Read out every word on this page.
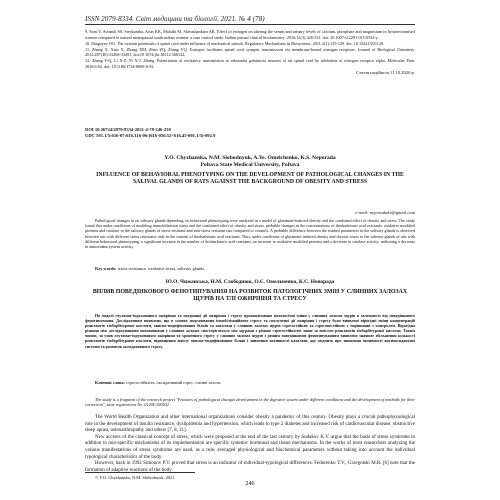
ISSN 2079-8334. Світ медицини та біології. 2021. № 4 (78)

9. Som Y, Avinash SS, Sreekantha, Arun KK, Malathi M, Shivashankara AR. Effect of estrogen on altering the serum and urinary levels of calcium, phosphate and magnesium in hysterectomised women compared to natural menopausal south indian women: a case control study. Indian journal clinical biochemistry. 2016;31(3):326-331. doi: 10.1007/s12291-015-0532-y.

10. Shagoyev OO. The ovarian potentials of spinal cord under influence of mechanical stimuli. Regulatory Mechanisms in Biosystems. 2011;2(1):125-129. doi: 10.15421/021120.

11. Zhang X, Xiao X, Zhang XM, Zhao ZQ, Zhang YQ. Estrogen facilitates spinal cord synaptic transmission via membrane-bound estrogen receptors. Journal of Biological Chemistry. 2012;287(40):33268-33281. doi:10.1074/jbc.M112.368142.

12. Zheng Y-Q, Li X-Z, Pi X-J, Zhang. Potentiation of excitatory transmission in substantia gelatinosa neurons of rat spinal cord by inhibition of estrogen receptor alpha. Molecular Pain. 2010;6:92. doi: 10.1186/1744-8069-6-92.

Стаття надійшла 11.10.2020 р.
DOI 10.26724/2079-8334-2021-4-78-246-250
UDC 591.1/5:616-07:616.316-06:[616-056.52+616.45-001.1/3]-092.9
Y.O. Chyzhanska, N.M. Slobodnyuk, A.Ye. Omelchenko, K.S. Neporada
Poltava State Medical University, Poltava
INFLUENCE OF BEHAVIORAL PHENOTYPING ON THE DEVELOPMENT OF PATHOLOGICAL CHANGES IN THE SALIVAL GLANDS OF RATS AGAINST THE BACKGROUND OF OBESITY AND STRESS
e-mail: neporadakv@gmail.com

Pathological changes in rat salivary glands depending on behavioral phenotyping were analyzed in a model of glutamate-induced obesity and the combined effect of obesity and stress. The study found that under conditions of modeling immobilization stress and the combined effect of obesity and stress, probable changes in the concentrations of thiobarbituric acid reactants, oxidative modified proteins and catalase in the salivary glands of stress-resistant and non-stress resistant rats compared to controls. A probable difference between the studied parameters in the salivary glands is observed between rats with different stress resistance only in the content of thiobarbituric acid reactants. Thus, under conditions of glutamate-induced obesity and chronic stress in the salivary glands of rats with different behavioral phenotyping, a significant increase in the number of thiobarbituric acid reactants, an increase in oxidative modified proteins and a decrease in catalase activity, indicating a decrease in antioxidant system activity.

Key words: stress resistance, oxidative stress, salivary glands.
Ю.О. Чижанська, Н.М. Слободнюк, О.Є. Омельченко, К.С. Непорада
ВПЛИВ ПОВЕДІНКОВОГО ФЕНОТИПУВАННЯ НА РОЗВИТОК ПАТОЛОГІЧНИХ ЗМІН У СЛИННИХ ЗАЛОЗАХ ЩУРІВ НА ТЛІ ОЖИРІННЯ ТА СТРЕСУ

На моделі глутамат-індукованого ожиріння та поєднаної дії ожиріння і стресу проаналізовано патологічні зміни у слинних залозах щурів в залежності від поведінкового фенотипування. Дослідженням виявлено, що в умовах моделювання іммобілізаційного стресу та сполученої дії ожиріння і стресу були виявлені вірогідні зміни концентрацій реактантів тіобарбітурової кислоти, окисно-модифікованих білків та каталази у слинних залозах щурів стресостійких та стресонестійких у порівнянні з контролем. Вірогідна різниця між досліджуваними показниками у слинних залозах спостерігається між щурами з різною стресостійкістю лише за вмістом реактантів тіобарбітурової кислоти. Таким чином, за умов глутамат-індукованого ожиріння та хронічного стресу у слинних залозах щурів з різним поведінковим фенотипуванням виявлено значиме збільшення кількості реактантів тіобарбітурової кислоти, підвищення вмісту окисно-модифікованих білків і зниження активності каталази, що свідчить про зниження активності антиоксидантної системи та розвиток оксидативного стресу.

Ключові слова: стресостійкість, оксидативний стрес, слинні залози.

The study is a fragment of the research project "Features of pathological changes development in the digestive system under different conditions and the development of methods for their correction", state registration No. 0120U100502.

The World Health Organization and other international organizations consider obesity a pandemic of this century. Obesity plays a crucial pathophysiological role in the development of insulin resistance, dyslipidemia and hypertension, which leads to type 2 diabetes and increased risk of cardiovascular disease, obstructive sleep apnea, osteoarthropathy and others [7, 8, 11].

New accents of the classical concept of stress, which were proposed at the end of the last century by Sudakov K.V. argue that the basis of stress syndrome in addition to non-specific mechanisms of its implementation are specific systemic hormonal and tissue mechanisms. In the works of most researchers analyzing the various manifestations of stress syndrome are used, as a rule, averaged physiological and biochemical parameters without taking into account the individual typological characteristics of the body.

However, back in 1992 Simonov P.V. proved that stress is an indicator of individual-typological differences. Fedorenko Y.V., Grzegotski M.R. [6] note that the formation of adaptive reactions of the body

© Y.O. Chyzhanska, N.M. Slobodnyuk, 2021
246
